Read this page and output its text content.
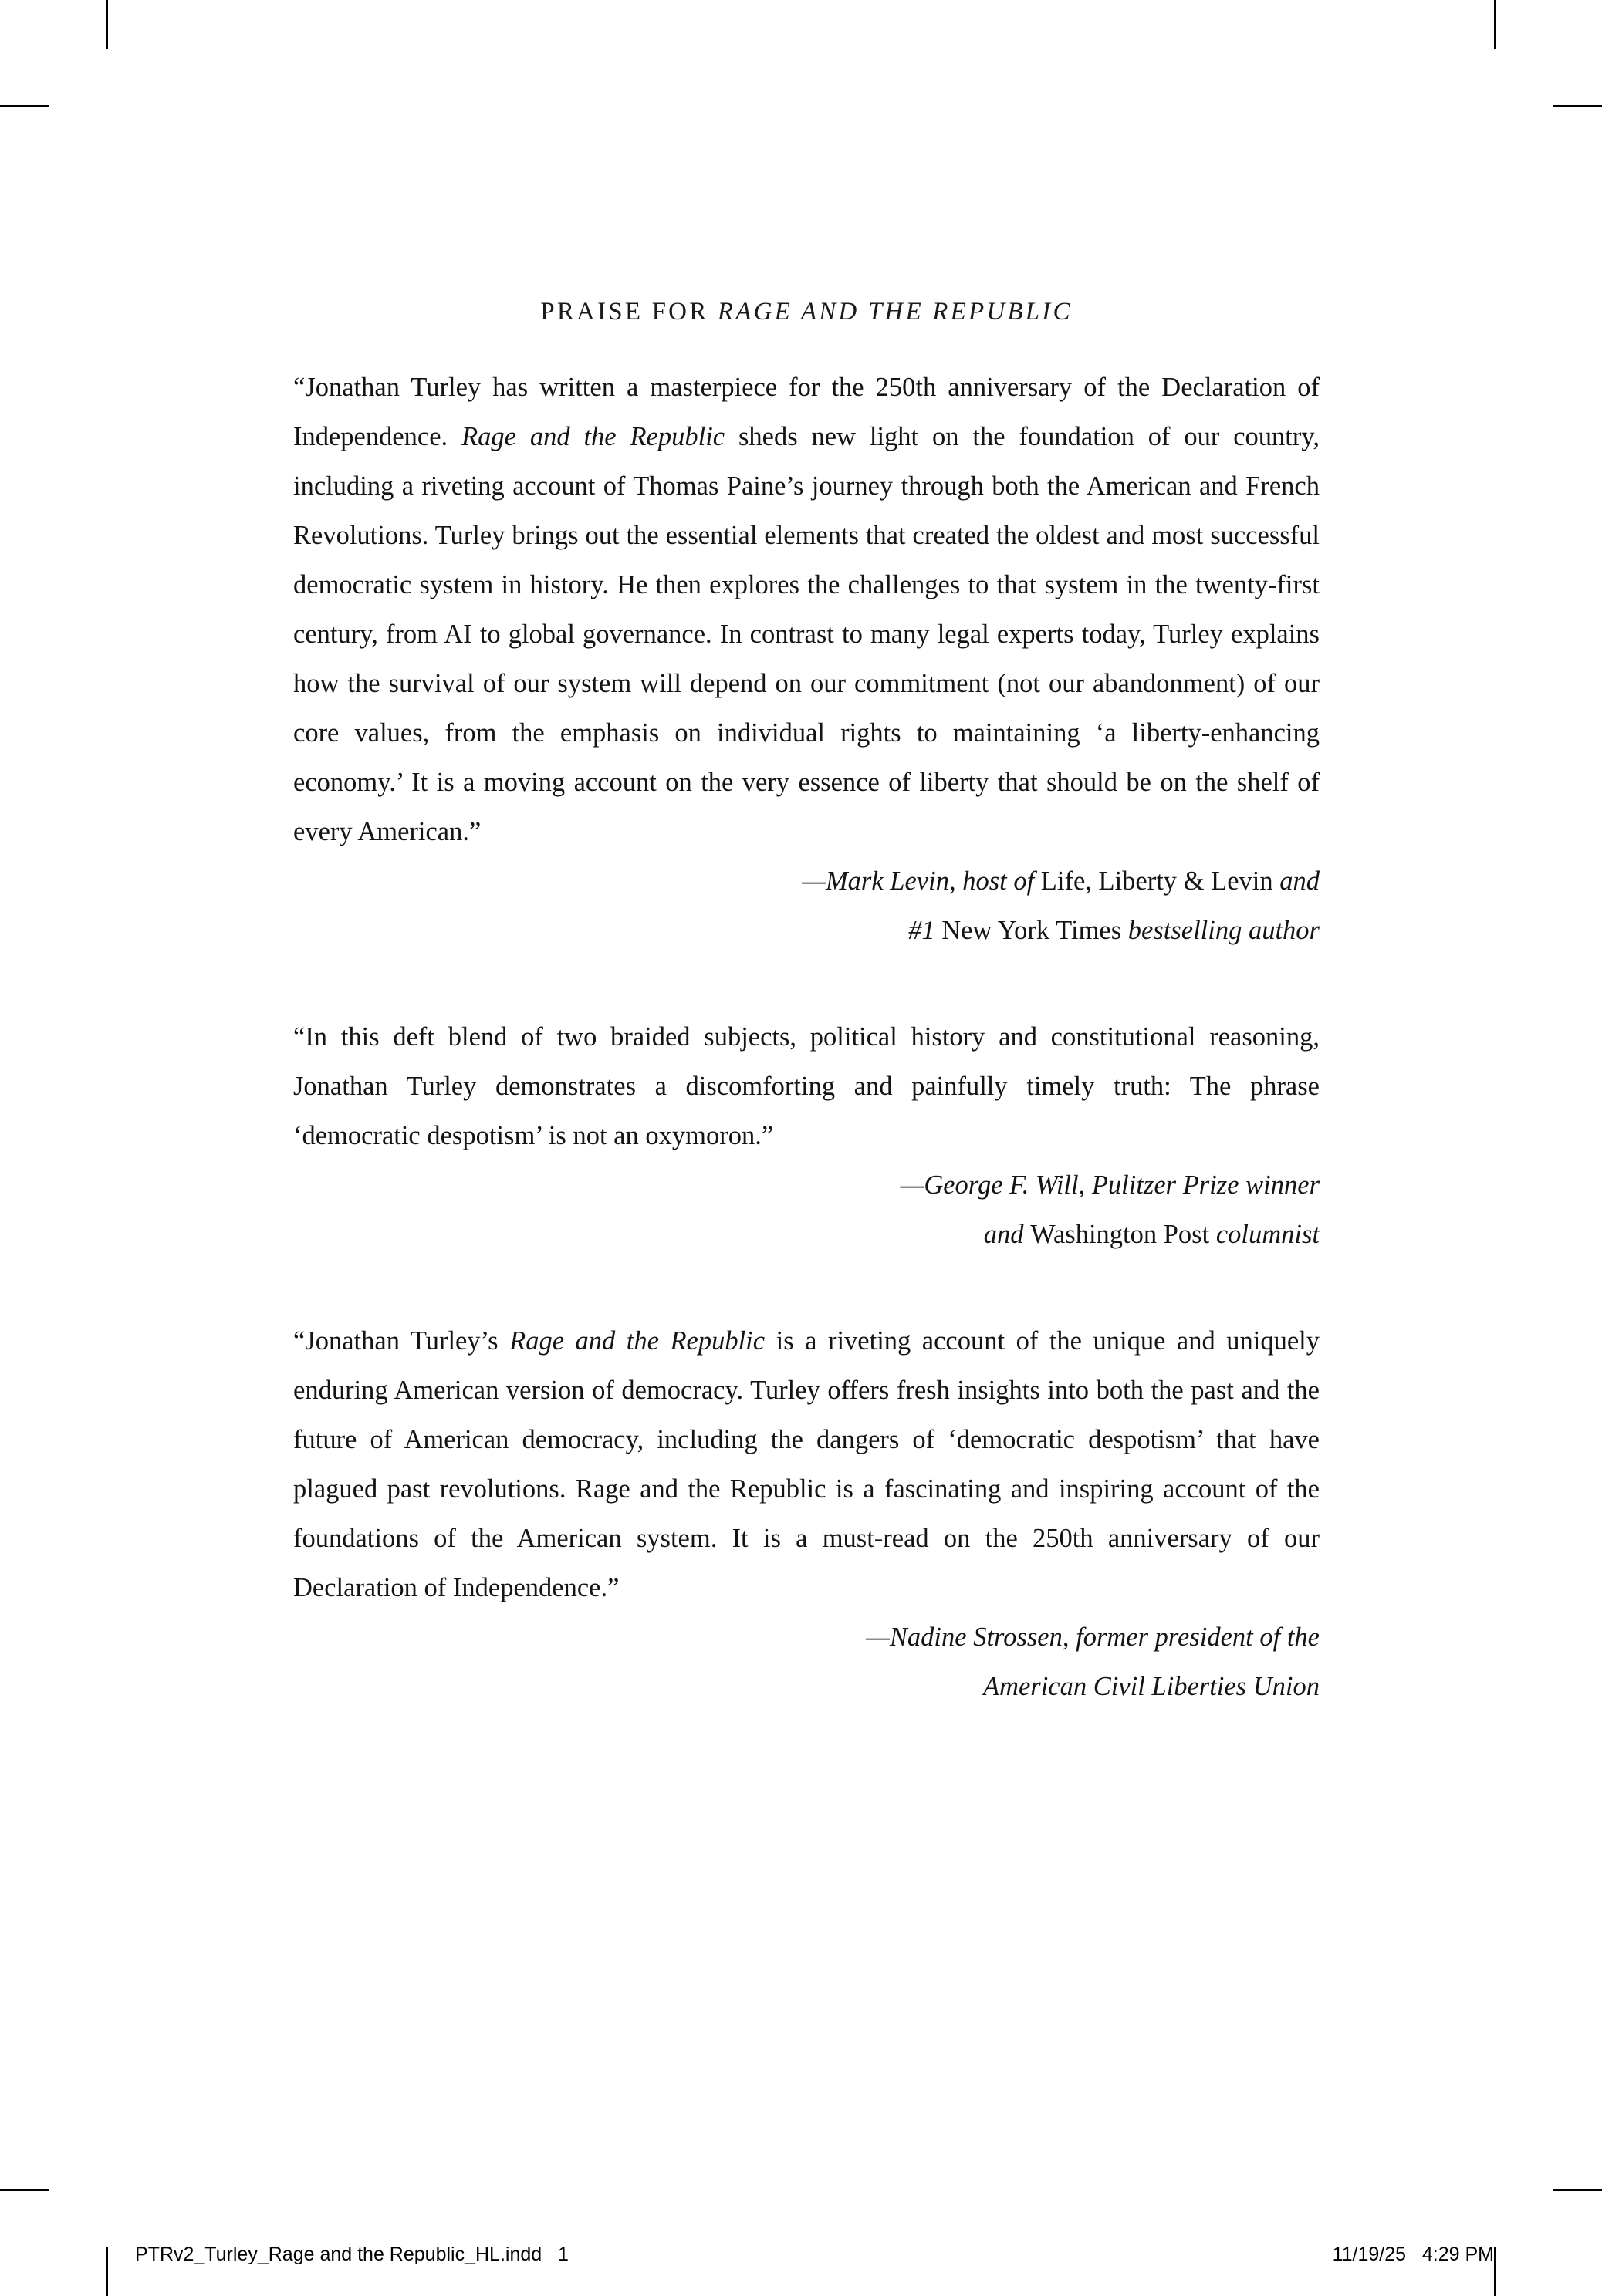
PRAISE FOR RAGE AND THE REPUBLIC

“Jonathan Turley has written a masterpiece for the 250th anniversary of the Declaration of Independence. Rage and the Republic sheds new light on the foundation of our country, including a riveting account of Thomas Paine’s journey through both the American and French Revolutions. Turley brings out the essential elements that created the oldest and most successful democratic system in history. He then explores the challenges to that system in the twenty-first century, from AI to global governance. In contrast to many legal experts today, Turley explains how the survival of our system will depend on our commitment (not our abandonment) of our core values, from the emphasis on individual rights to maintaining ‘a liberty-enhancing economy.’ It is a moving account on the very essence of liberty that should be on the shelf of every American.”

—Mark Levin, host of Life, Liberty & Levin and

#1 New York Times bestselling author

“In this deft blend of two braided subjects, political history and constitutional reasoning, Jonathan Turley demonstrates a discomforting and painfully timely truth: The phrase ‘democratic despotism’ is not an oxymoron.”

—George F. Will, Pulitzer Prize winner

and Washington Post columnist

“Jonathan Turley’s Rage and the Republic is a riveting account of the unique and uniquely enduring American version of democracy. Turley offers fresh insights into both the past and the future of American democracy, including the dangers of ‘democratic despotism’ that have plagued past revolutions. Rage and the Republic is a fascinating and inspiring account of the foundations of the American system. It is a must-read on the 250th anniversary of our Declaration of Independence.”

—Nadine Strossen, former president of the

American Civil Liberties Union

PTRv2_Turley_Rage and the Republic_HL.indd   1	11/19/25   4:29 PM
